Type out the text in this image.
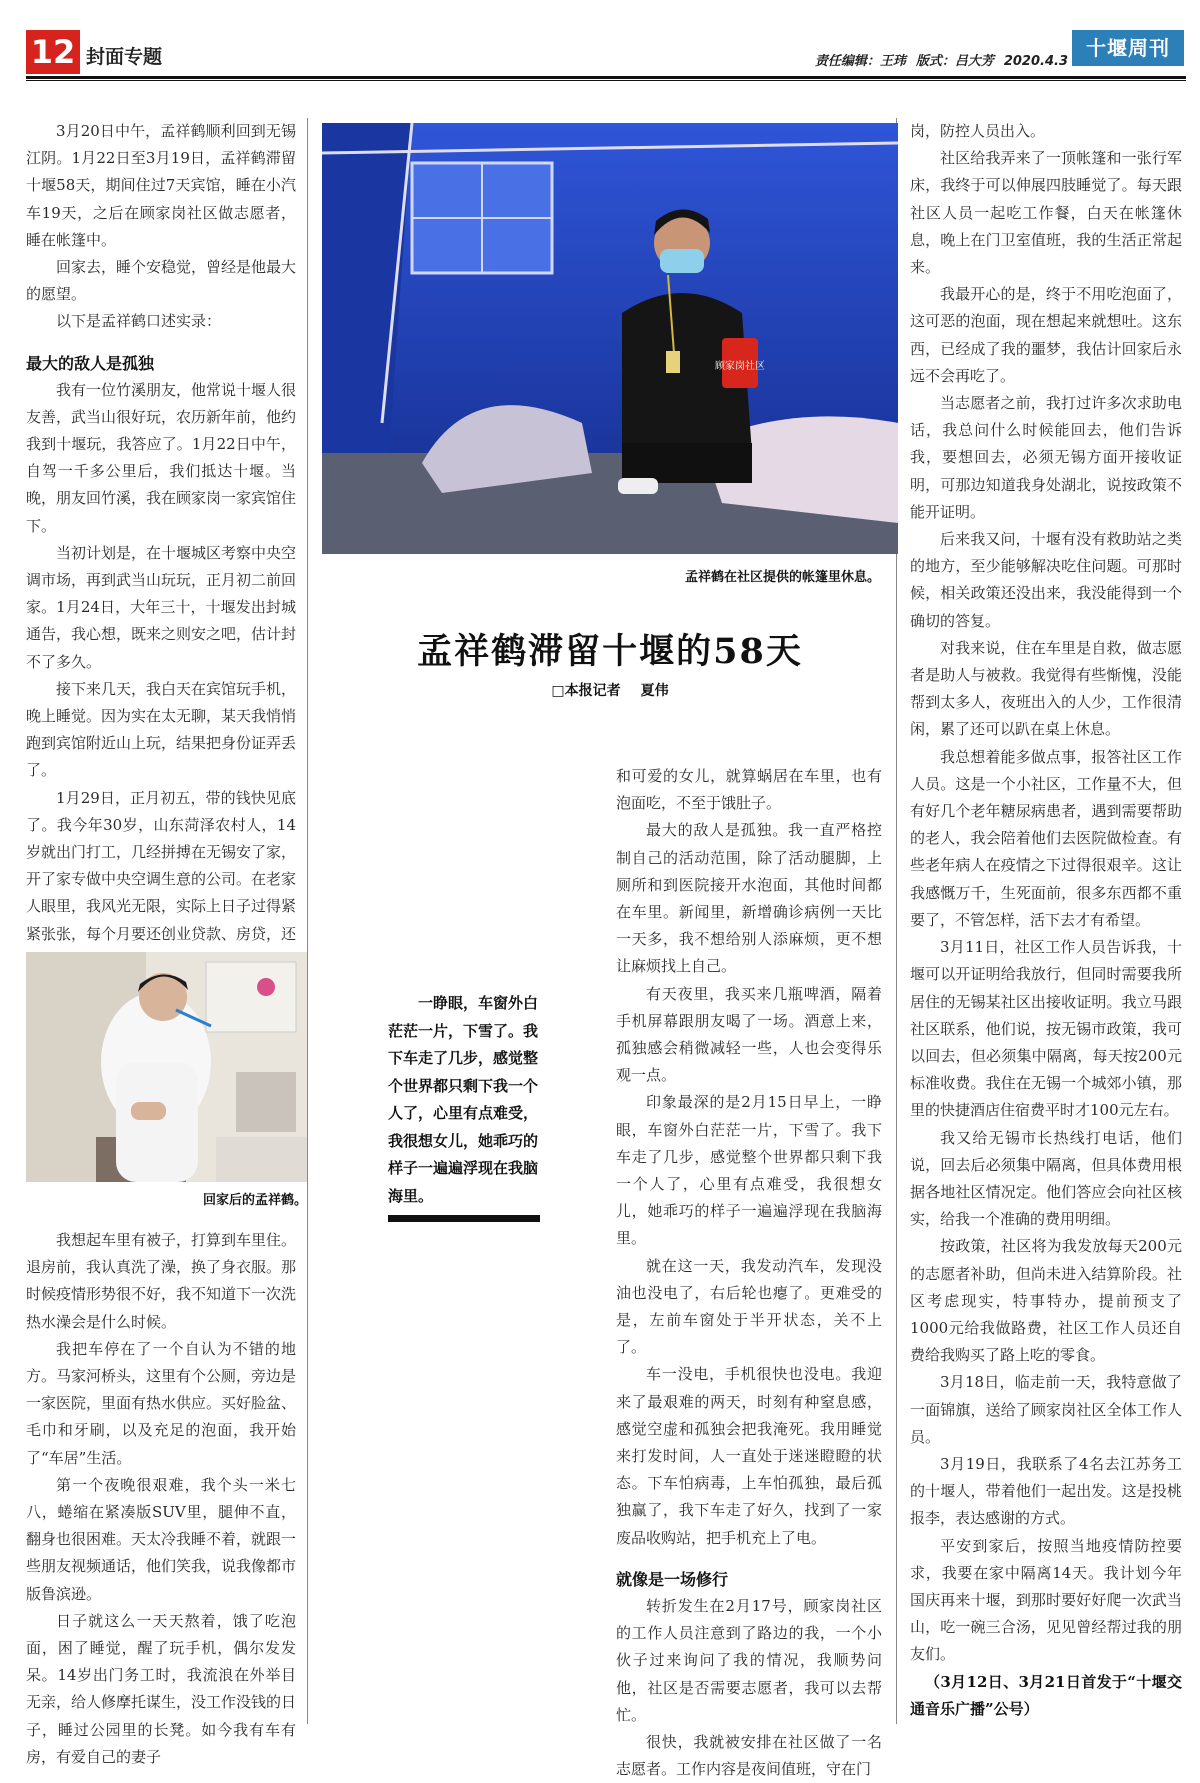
12 封面专题	责任编辑：王玮 版式：吕大芳 2020.4.3
十堰周刊

3月20日中午，孟祥鹤顺利回到无锡江阴。1月22日至3月19日，孟祥鹤滞留十堰58天，期间住过7天宾馆，睡在小汽车19天，之后在顾家岗社区做志愿者，睡在帐篷中。

回家去，睡个安稳觉，曾经是他最大的愿望。

以下是孟祥鹤口述实录：

最大的敌人是孤独

我有一位竹溪朋友，他常说十堰人很友善，武当山很好玩，农历新年前，他约我到十堰玩，我答应了。1月22日中午，自驾一千多公里后，我们抵达十堰。当晚，朋友回竹溪，我在顾家岗一家宾馆住下。

当初计划是，在十堰城区考察中央空调市场，再到武当山玩玩，正月初二前回家。1月24日，大年三十，十堰发出封城通告，我心想，既来之则安之吧，估计封不了多久。

接下来几天，我白天在宾馆玩手机，晚上睡觉。因为实在太无聊，某天我悄悄跑到宾馆附近山上玩，结果把身份证弄丢了。

1月29日，正月初五，带的钱快见底了。我今年30岁，山东菏泽农村人，14岁就出门打工，几经拼搏在无锡安了家，开了家专做中央空调生意的公司。在老家人眼里，我风光无限，实际上日子过得紧紧张张，每个月要还创业贷款、房贷，还

回家后的孟祥鹤。

我想起车里有被子，打算到车里住。退房前，我认真洗了澡，换了身衣服。那时候疫情形势很不好，我不知道下一次洗热水澡会是什么时候。

我把车停在了一个自认为不错的地方。马家河桥头，这里有个公厕，旁边是一家医院，里面有热水供应。买好脸盆、毛巾和牙刷，以及充足的泡面，我开始了“车居”生活。

第一个夜晚很艰难，我个头一米七八，蜷缩在紧凑版SUV里，腿伸不直，翻身也很困难。天太冷我睡不着，就跟一些朋友视频通话，他们笑我，说我像都市版鲁滨逊。

日子就这么一天天熬着，饿了吃泡面，困了睡觉，醒了玩手机，偶尔发发呆。14岁出门务工时，我流浪在外举目无亲，给人修摩托谋生，没工作没钱的日子，睡过公园里的长凳。如今我有车有房，有爱自己的妻子

顾家岗社区
孟祥鹤在社区提供的帐篷里休息。
孟祥鹤滞留十堰的58天
□本报记者 夏伟

一睁眼，车窗外白茫茫一片，下雪了。我下车走了几步，感觉整个世界都只剩下我一个人了，心里有点难受，我很想女儿，她乖巧的样子一遍遍浮现在我脑海里。

和可爱的女儿，就算蜗居在车里，也有泡面吃，不至于饿肚子。

最大的敌人是孤独。我一直严格控制自己的活动范围，除了活动腿脚，上厕所和到医院接开水泡面，其他时间都在车里。新闻里，新增确诊病例一天比一天多，我不想给别人添麻烦，更不想让麻烦找上自己。

有天夜里，我买来几瓶啤酒，隔着手机屏幕跟朋友喝了一场。酒意上来，孤独感会稍微减轻一些，人也会变得乐观一点。

印象最深的是2月15日早上，一睁眼，车窗外白茫茫一片，下雪了。我下车走了几步，感觉整个世界都只剩下我一个人了，心里有点难受，我很想女儿，她乖巧的样子一遍遍浮现在我脑海里。

就在这一天，我发动汽车，发现没油也没电了，右后轮也瘪了。更难受的是，左前车窗处于半开状态，关不上了。

车一没电，手机很快也没电。我迎来了最艰难的两天，时刻有种窒息感，感觉空虚和孤独会把我淹死。我用睡觉来打发时间，人一直处于迷迷瞪瞪的状态。下车怕病毒，上车怕孤独，最后孤独赢了，我下车走了好久，找到了一家废品收购站，把手机充上了电。

就像是一场修行

转折发生在2月17号，顾家岗社区的工作人员注意到了路边的我，一个小伙子过来询问了我的情况，我顺势问他，社区是否需要志愿者，我可以去帮忙。

很快，我就被安排在社区做了一名志愿者。工作内容是夜间值班，守在门

岗，防控人员出入。

社区给我弄来了一顶帐篷和一张行军床，我终于可以伸展四肢睡觉了。每天跟社区人员一起吃工作餐，白天在帐篷休息，晚上在门卫室值班，我的生活正常起来。

我最开心的是，终于不用吃泡面了，这可恶的泡面，现在想起来就想吐。这东西，已经成了我的噩梦，我估计回家后永远不会再吃了。

当志愿者之前，我打过许多次求助电话，我总问什么时候能回去，他们告诉我，要想回去，必须无锡方面开接收证明，可那边知道我身处湖北，说按政策不能开证明。

后来我又问，十堰有没有救助站之类的地方，至少能够解决吃住问题。可那时候，相关政策还没出来，我没能得到一个确切的答复。

对我来说，住在车里是自救，做志愿者是助人与被救。我觉得有些惭愧，没能帮到太多人，夜班出入的人少，工作很清闲，累了还可以趴在桌上休息。

我总想着能多做点事，报答社区工作人员。这是一个小社区，工作量不大，但有好几个老年糖尿病患者，遇到需要帮助的老人，我会陪着他们去医院做检查。有些老年病人在疫情之下过得很艰辛。这让我感慨万千，生死面前，很多东西都不重要了，不管怎样，活下去才有希望。

3月11日，社区工作人员告诉我，十堰可以开证明给我放行，但同时需要我所居住的无锡某社区出接收证明。我立马跟社区联系，他们说，按无锡市政策，我可以回去，但必须集中隔离，每天按200元标准收费。我住在无锡一个城郊小镇，那里的快捷酒店住宿费平时才100元左右。

我又给无锡市长热线打电话，他们说，回去后必须集中隔离，但具体费用根据各地社区情况定。他们答应会向社区核实，给我一个准确的费用明细。

按政策，社区将为我发放每天200元的志愿者补助，但尚未进入结算阶段。社区考虑现实，特事特办，提前预支了1000元给我做路费，社区工作人员还自费给我购买了路上吃的零食。

3月18日，临走前一天，我特意做了一面锦旗，送给了顾家岗社区全体工作人员。

3月19日，我联系了4名去江苏务工的十堰人，带着他们一起出发。这是投桃报李，表达感谢的方式。

平安到家后，按照当地疫情防控要求，我要在家中隔离14天。我计划今年国庆再来十堰，到那时要好好爬一次武当山，吃一碗三合汤，见见曾经帮过我的朋友们。

（3月12日、3月21日首发于“十堰交通音乐广播”公号）
